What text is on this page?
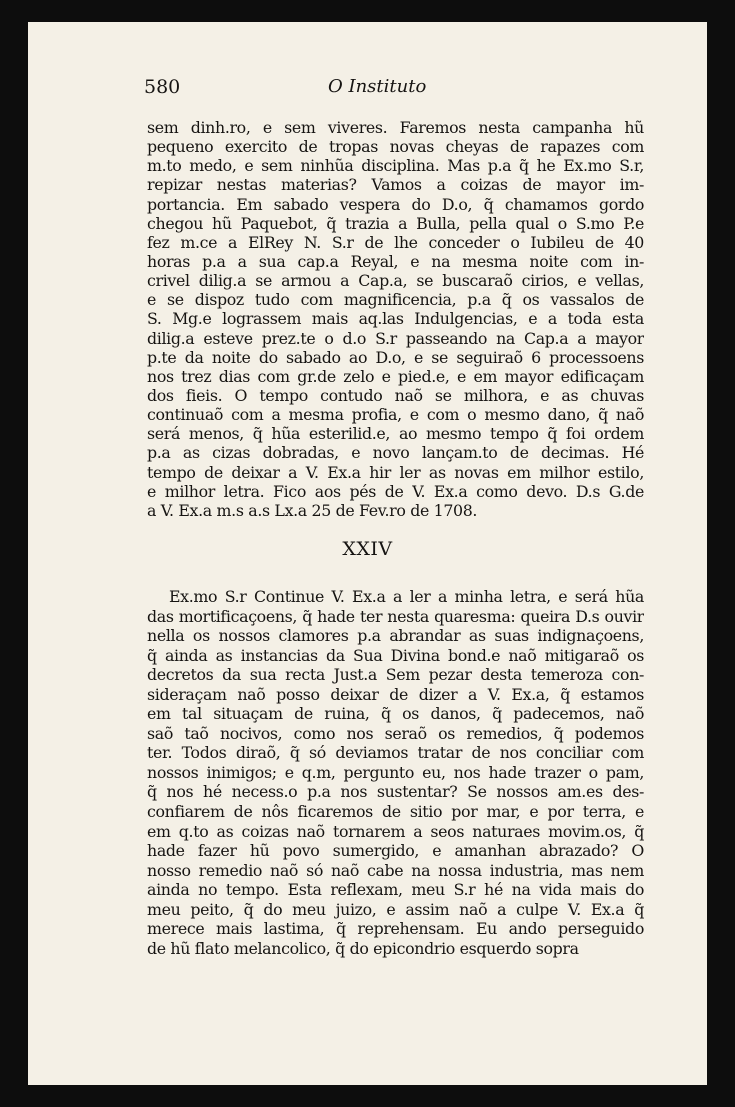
580	O Instituto
sem dinh.ro, e sem viveres. Faremos nesta campanha hũ
pequeno exercito de tropas novas cheyas de rapazes com
m.to medo, e sem ninhũa disciplina. Mas p.a q̃ he Ex.mo S.r,
repizar nestas materias? Vamos a coizas de mayor im-
portancia. Em sabado vespera do D.o, q̃ chamamos gordo
chegou hũ Paquebot, q̃ trazia a Bulla, pella qual o S.mo P.e
fez m.ce a ElRey N. S.r de lhe conceder o Iubileu de 40
horas p.a a sua cap.a Reyal, e na mesma noite com in-
crivel dilig.a se armou a Cap.a, se buscaraõ cirios, e vellas,
e se dispoz tudo com magnificencia, p.a q̃ os vassalos de
S. Mg.e lograssem mais aq.las Indulgencias, e a toda esta
dilig.a esteve prez.te o d.o S.r passeando na Cap.a a mayor
p.te da noite do sabado ao D.o, e se seguiraõ 6 processoens
nos trez dias com gr.de zelo e pied.e, e em mayor edificaçam
dos fieis. O tempo contudo naõ se milhora, e as chuvas
continuaõ com a mesma profia, e com o mesmo dano, q̃ naõ
será menos, q̃ hũa esterilid.e, ao mesmo tempo q̃ foi ordem
p.a as cizas dobradas, e novo lançam.to de decimas. Hé
tempo de deixar a V. Ex.a hir ler as novas em milhor estilo,
e milhor letra. Fico aos pés de V. Ex.a como devo. D.s G.de
a V. Ex.a m.s a.s Lx.a 25 de Fev.ro de 1708.
XXIV
Ex.mo S.r Continue V. Ex.a a ler a minha letra, e será hũa
das mortificaçoens, q̃ hade ter nesta quaresma: queira D.s ouvir
nella os nossos clamores p.a abrandar as suas indignaçoens,
q̃ ainda as instancias da Sua Divina bond.e naõ mitigaraõ os
decretos da sua recta Just.a Sem pezar desta temeroza con-
sideraçam naõ posso deixar de dizer a V. Ex.a, q̃ estamos
em tal situaçam de ruina, q̃ os danos, q̃ padecemos, naõ
saõ taõ nocivos, como nos seraõ os remedios, q̃ podemos
ter. Todos diraõ, q̃ só deviamos tratar de nos conciliar com
nossos inimigos; e q.m, pergunto eu, nos hade trazer o pam,
q̃ nos hé necess.o p.a nos sustentar? Se nossos am.es des-
confiarem de nôs ficaremos de sitio por mar, e por terra, e
em q.to as coizas naõ tornarem a seos naturaes movim.os, q̃
hade fazer hũ povo sumergido, e amanhan abrazado? O
nosso remedio naõ só naõ cabe na nossa industria, mas nem
ainda no tempo. Esta reflexam, meu S.r hé na vida mais do
meu peito, q̃ do meu juizo, e assim naõ a culpe V. Ex.a q̃
merece mais lastima, q̃ reprehensam. Eu ando perseguido
de hũ flato melancolico, q̃ do epicondrio esquerdo sopra
